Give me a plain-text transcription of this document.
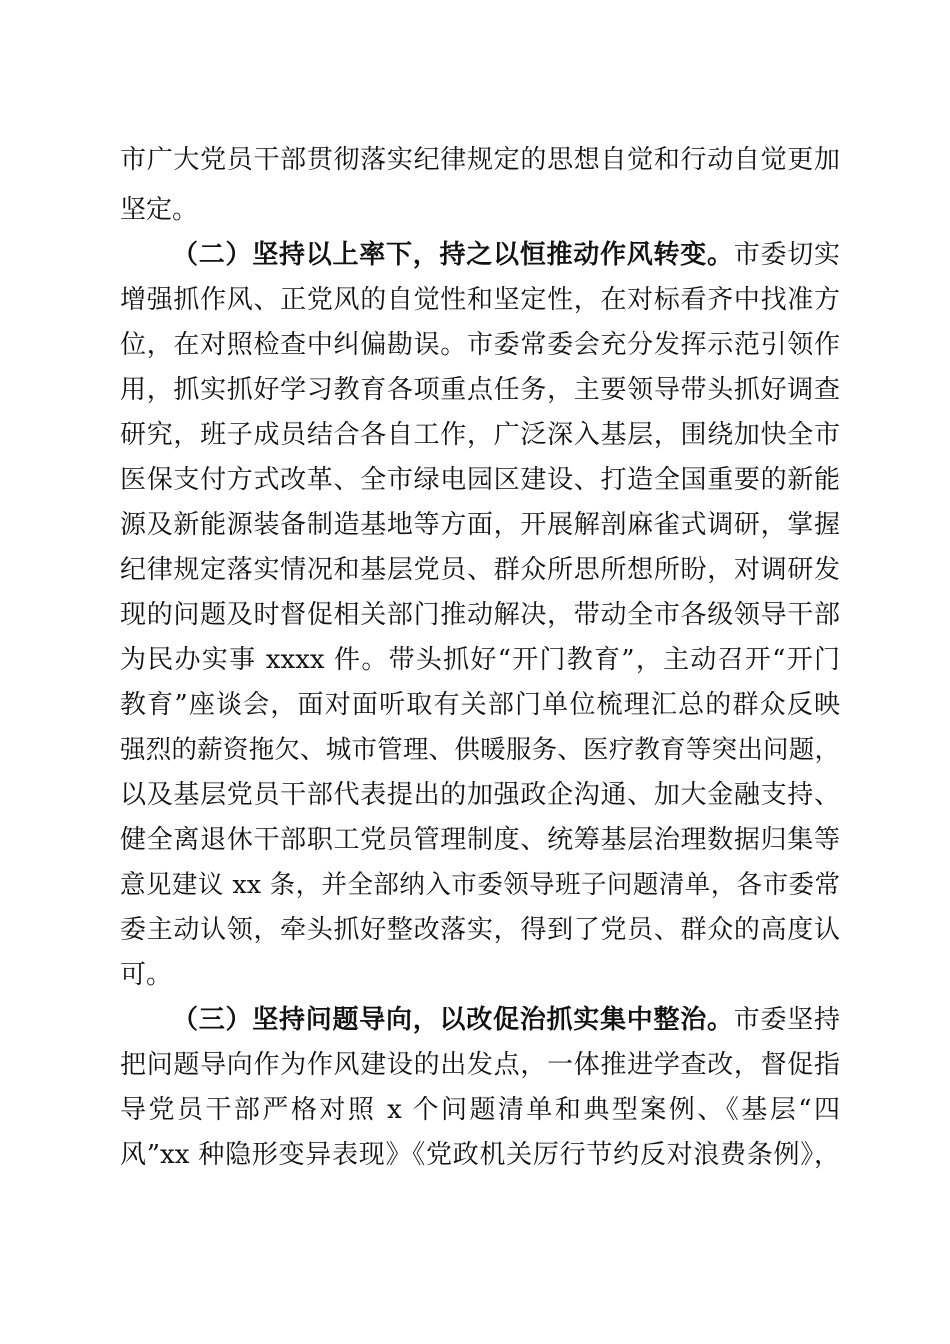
市广大党员干部贯彻落实纪律规定的思想自觉和行动自觉更加
坚定。
（二）坚持以上率下，持之以恒推动作风转变。市委切实
增强抓作风、正党风的自觉性和坚定性，在对标看齐中找准方
位，在对照检查中纠偏勘误。市委常委会充分发挥示范引领作
用，抓实抓好学习教育各项重点任务，主要领导带头抓好调查
研究，班子成员结合各自工作，广泛深入基层，围绕加快全市
医保支付方式改革、全市绿电园区建设、打造全国重要的新能
源及新能源装备制造基地等方面，开展解剖麻雀式调研，掌握
纪律规定落实情况和基层党员、群众所思所想所盼，对调研发
现的问题及时督促相关部门推动解决，带动全市各级领导干部
为民办实事 xxxx 件。带头抓好“开门教育”，主动召开“开门
教育”座谈会，面对面听取有关部门单位梳理汇总的群众反映
强烈的薪资拖欠、城市管理、供暖服务、医疗教育等突出问题，
以及基层党员干部代表提出的加强政企沟通、加大金融支持、
健全离退休干部职工党员管理制度、统筹基层治理数据归集等
意见建议 xx 条，并全部纳入市委领导班子问题清单，各市委常
委主动认领，牵头抓好整改落实，得到了党员、群众的高度认
可。
（三）坚持问题导向，以改促治抓实集中整治。市委坚持
把问题导向作为作风建设的出发点，一体推进学查改，督促指
导党员干部严格对照 x 个问题清单和典型案例、《基层“四
风”xx 种隐形变异表现》《党政机关厉行节约反对浪费条例》，
